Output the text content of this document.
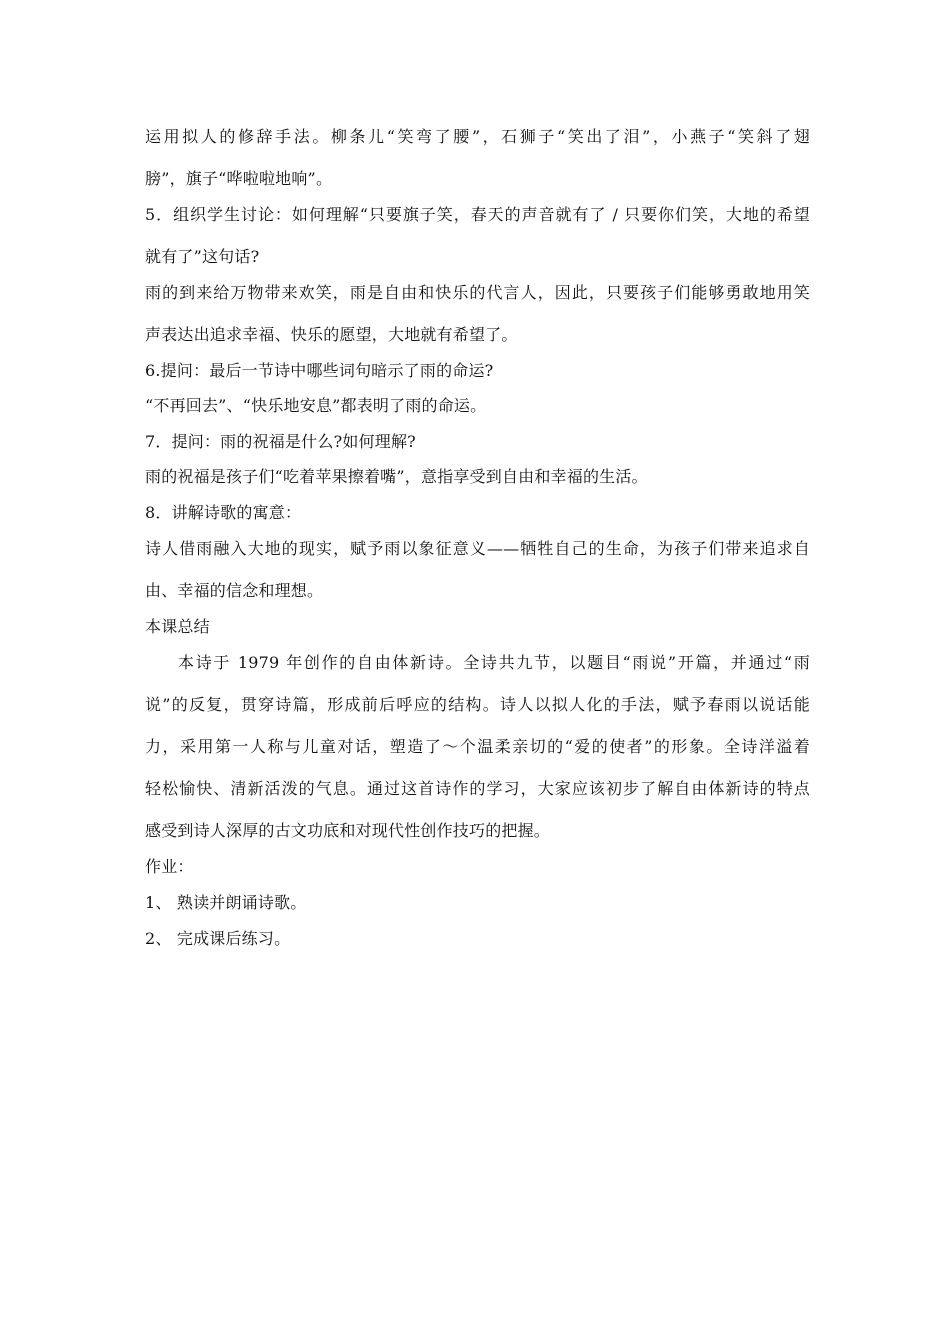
运用拟人的修辞手法。柳条儿“笑弯了腰”，石狮子“笑出了泪”，小燕子“笑斜了翅
膀”，旗子“哗啦啦地响”。
5．组织学生讨论：如何理解“只要旗子笑，春天的声音就有了 / 只要你们笑，大地的希望
就有了”这句话?
雨的到来给万物带来欢笑，雨是自由和快乐的代言人，因此，只要孩子们能够勇敢地用笑
声表达出追求幸福、快乐的愿望，大地就有希望了。
6.提问：最后一节诗中哪些词句暗示了雨的命运?
“不再回去”、“快乐地安息”都表明了雨的命运。
7．提问：雨的祝福是什么?如何理解?
雨的祝福是孩子们“吃着苹果擦着嘴”，意指享受到自由和幸福的生活。
8．讲解诗歌的寓意：
诗人借雨融入大地的现实，赋予雨以象征意义——牺牲自己的生命，为孩子们带来追求自
由、幸福的信念和理想。
本课总结
本诗于 1979 年创作的自由体新诗。全诗共九节，以题目“雨说”开篇，并通过“雨
说”的反复，贯穿诗篇，形成前后呼应的结构。诗人以拟人化的手法，赋予春雨以说话能
力，采用第一人称与儿童对话，塑造了～个温柔亲切的“爱的使者”的形象。全诗洋溢着
轻松愉快、清新活泼的气息。通过这首诗作的学习，大家应该初步了解自由体新诗的特点
感受到诗人深厚的古文功底和对现代性创作技巧的把握。
作业：
1、 熟读并朗诵诗歌。
2、 完成课后练习。
